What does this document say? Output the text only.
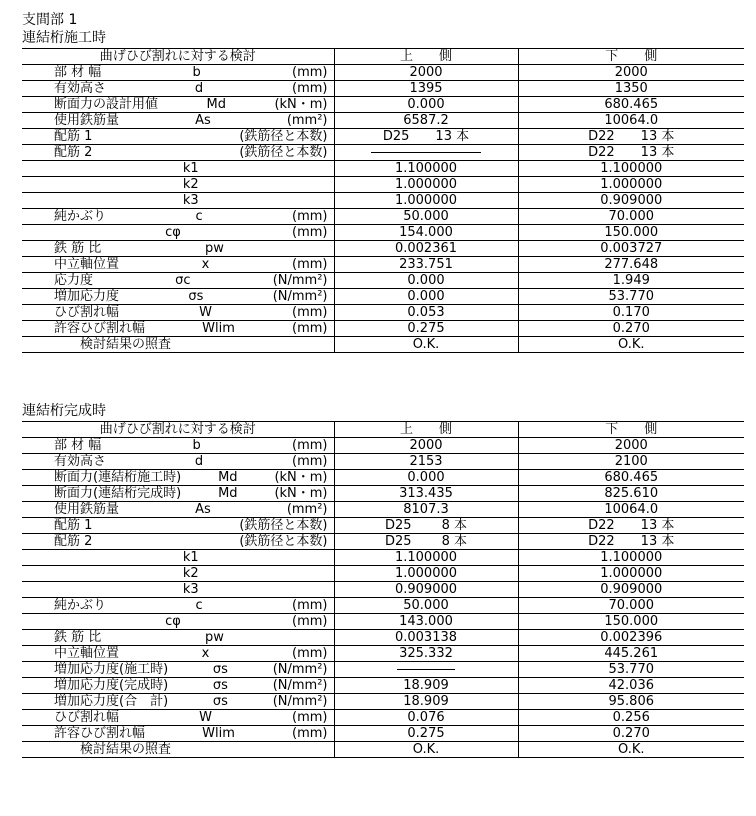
支間部 1
連結桁施工時
曲げひび割れに対する検討	上　　側	下　　側

部 材 幅 b (mm)	2000	2000

有効高さ d (mm)	1395	1350

断面力の設計用値 Md (kN・m)	0.000	680.465

使用鉄筋量 As (mm²)	6587.2	10064.0

配筋 1 (鉄筋径と本数)	D25　　13 本	D22　　13 本

配筋 2 (鉄筋径と本数)		D22　　13 本

k1	1.100000	1.100000

k2	1.000000	1.000000

k3	1.000000	0.909000

純かぶり c (mm)	50.000	70.000

cφ (mm)	154.000	150.000

鉄 筋 比 pw	0.002361	0.003727

中立軸位置 x (mm)	233.751	277.648

応力度 σc (N/mm²)	0.000	1.949

増加応力度 σs (N/mm²)	0.000	53.770

ひび割れ幅 W (mm)	0.053	0.170

許容ひび割れ幅 Wlim (mm)	0.275	0.270

　　検討結果の照査	O.K.	O.K.
連結桁完成時
曲げひび割れに対する検討	上　　側	下　　側

部 材 幅 b (mm)	2000	2000

有効高さ d (mm)	2153	2100

断面力(連結桁施工時) Md (kN・m)	0.000	680.465

断面力(連結桁完成時) Md (kN・m)	313.435	825.610

使用鉄筋量 As (mm²)	8107.3	10064.0

配筋 1 (鉄筋径と本数)	D25　　 8 本	D22　　13 本

配筋 2 (鉄筋径と本数)	D25　　 8 本	D22　　13 本

k1	1.100000	1.100000

k2	1.000000	1.000000

k3	0.909000	0.909000

純かぶり c (mm)	50.000	70.000

cφ (mm)	143.000	150.000

鉄 筋 比 pw	0.003138	0.002396

中立軸位置 x (mm)	325.332	445.261

増加応力度(施工時) σs (N/mm²)		53.770

増加応力度(完成時) σs (N/mm²)	18.909	42.036

増加応力度(合　計) σs (N/mm²)	18.909	95.806

ひび割れ幅 W (mm)	0.076	0.256

許容ひび割れ幅 Wlim (mm)	0.275	0.270

　　検討結果の照査	O.K.	O.K.
